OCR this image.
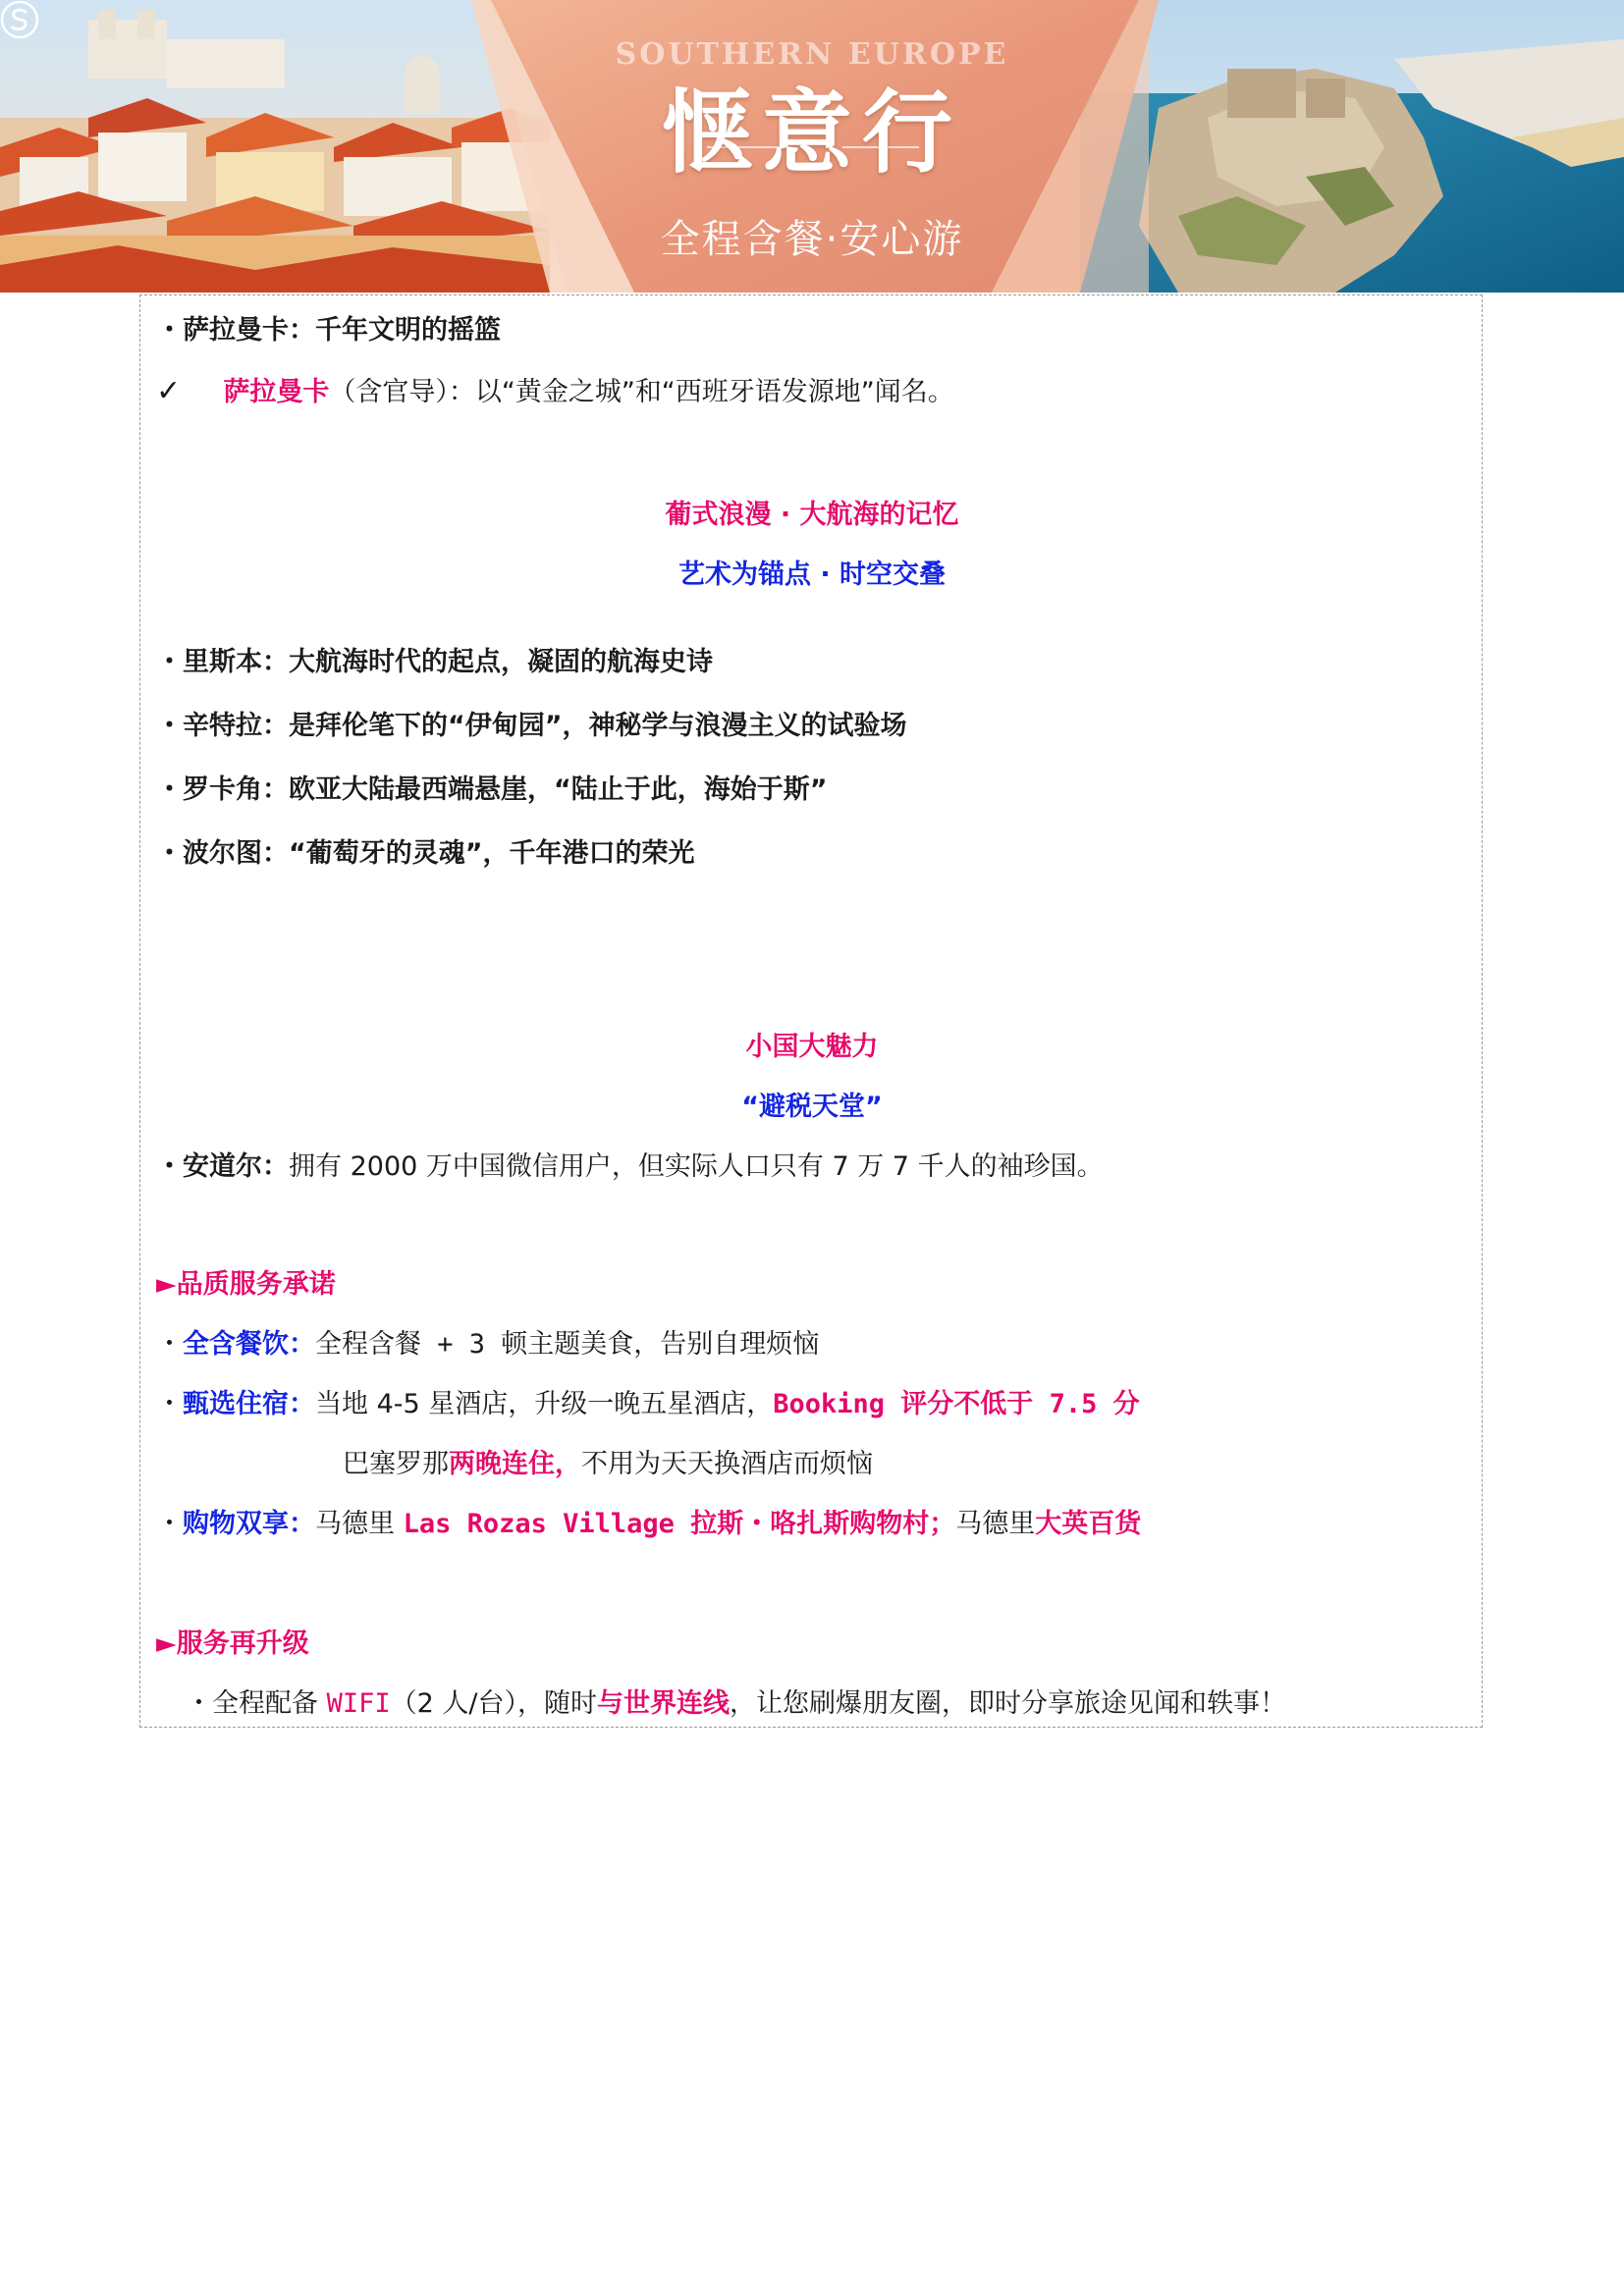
SOUTHERN EUROPE
惬意行
全程含餐·安心游
・萨拉曼卡：千年文明的摇篮
✓ 萨拉曼卡（含官导）：以“黄金之城”和“西班牙语发源地”闻名。
葡式浪漫 · 大航海的记忆
艺术为锚点 · 时空交叠
・里斯本：大航海时代的起点，凝固的航海史诗
・辛特拉：是拜伦笔下的“伊甸园”，神秘学与浪漫主义的试验场
・罗卡角：欧亚大陆最西端悬崖，“陆止于此，海始于斯”
・波尔图：“葡萄牙的灵魂”，千年港口的荣光
小国大魅力
“避税天堂”
・安道尔：拥有 2000 万中国微信用户，但实际人口只有 7 万 7 千人的袖珍国。
►品质服务承诺
・全含餐饮：全程含餐 + 3 顿主题美食，告别自理烦恼
・甄选住宿：当地 4-5 星酒店，升级一晚五星酒店，Booking 评分不低于 7.5 分
巴塞罗那两晚连住，不用为天天换酒店而烦恼
・购物双享：马德里 Las Rozas Village 拉斯・咯扎斯购物村；马德里大英百货
►服务再升级
・全程配备 WIFI（2 人/台），随时与世界连线，让您刷爆朋友圈，即时分享旅途见闻和轶事！
